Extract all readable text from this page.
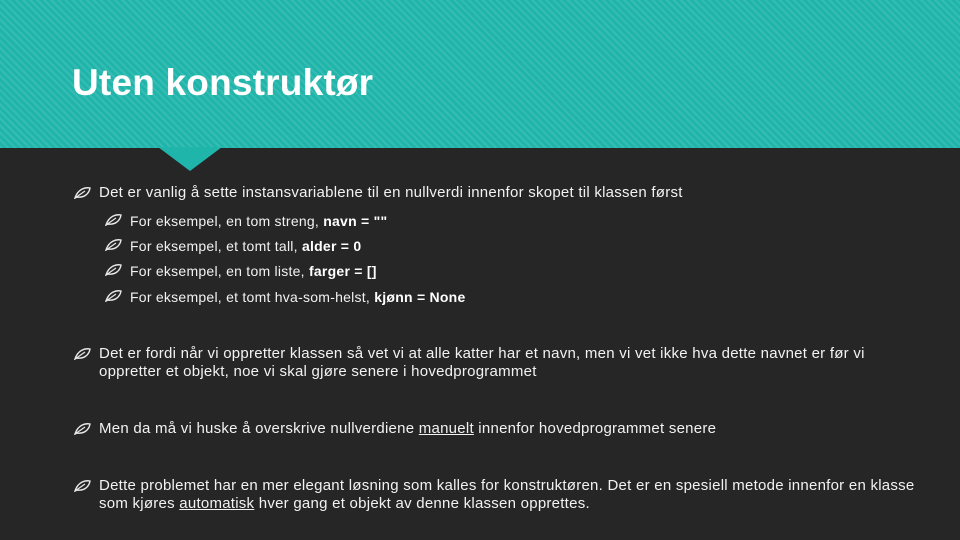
Uten konstruktør
Det er vanlig å sette instansvariablene til en nullverdi innenfor skopet til klassen først
For eksempel, en tom streng, navn = ""
For eksempel, et tomt tall, alder = 0
For eksempel, en tom liste, farger = []
For eksempel, et tomt hva-som-helst, kjønn = None
Det er fordi når vi oppretter klassen så vet vi at alle katter har et navn, men vi vet ikke hva dette navnet er før vi oppretter et objekt, noe vi skal gjøre senere i hovedprogrammet
Men da må vi huske å overskrive nullverdiene manuelt innenfor hovedprogrammet senere
Dette problemet har en mer elegant løsning som kalles for konstruktøren. Det er en spesiell metode innenfor en klasse som kjøres automatisk hver gang et objekt av denne klassen opprettes.
